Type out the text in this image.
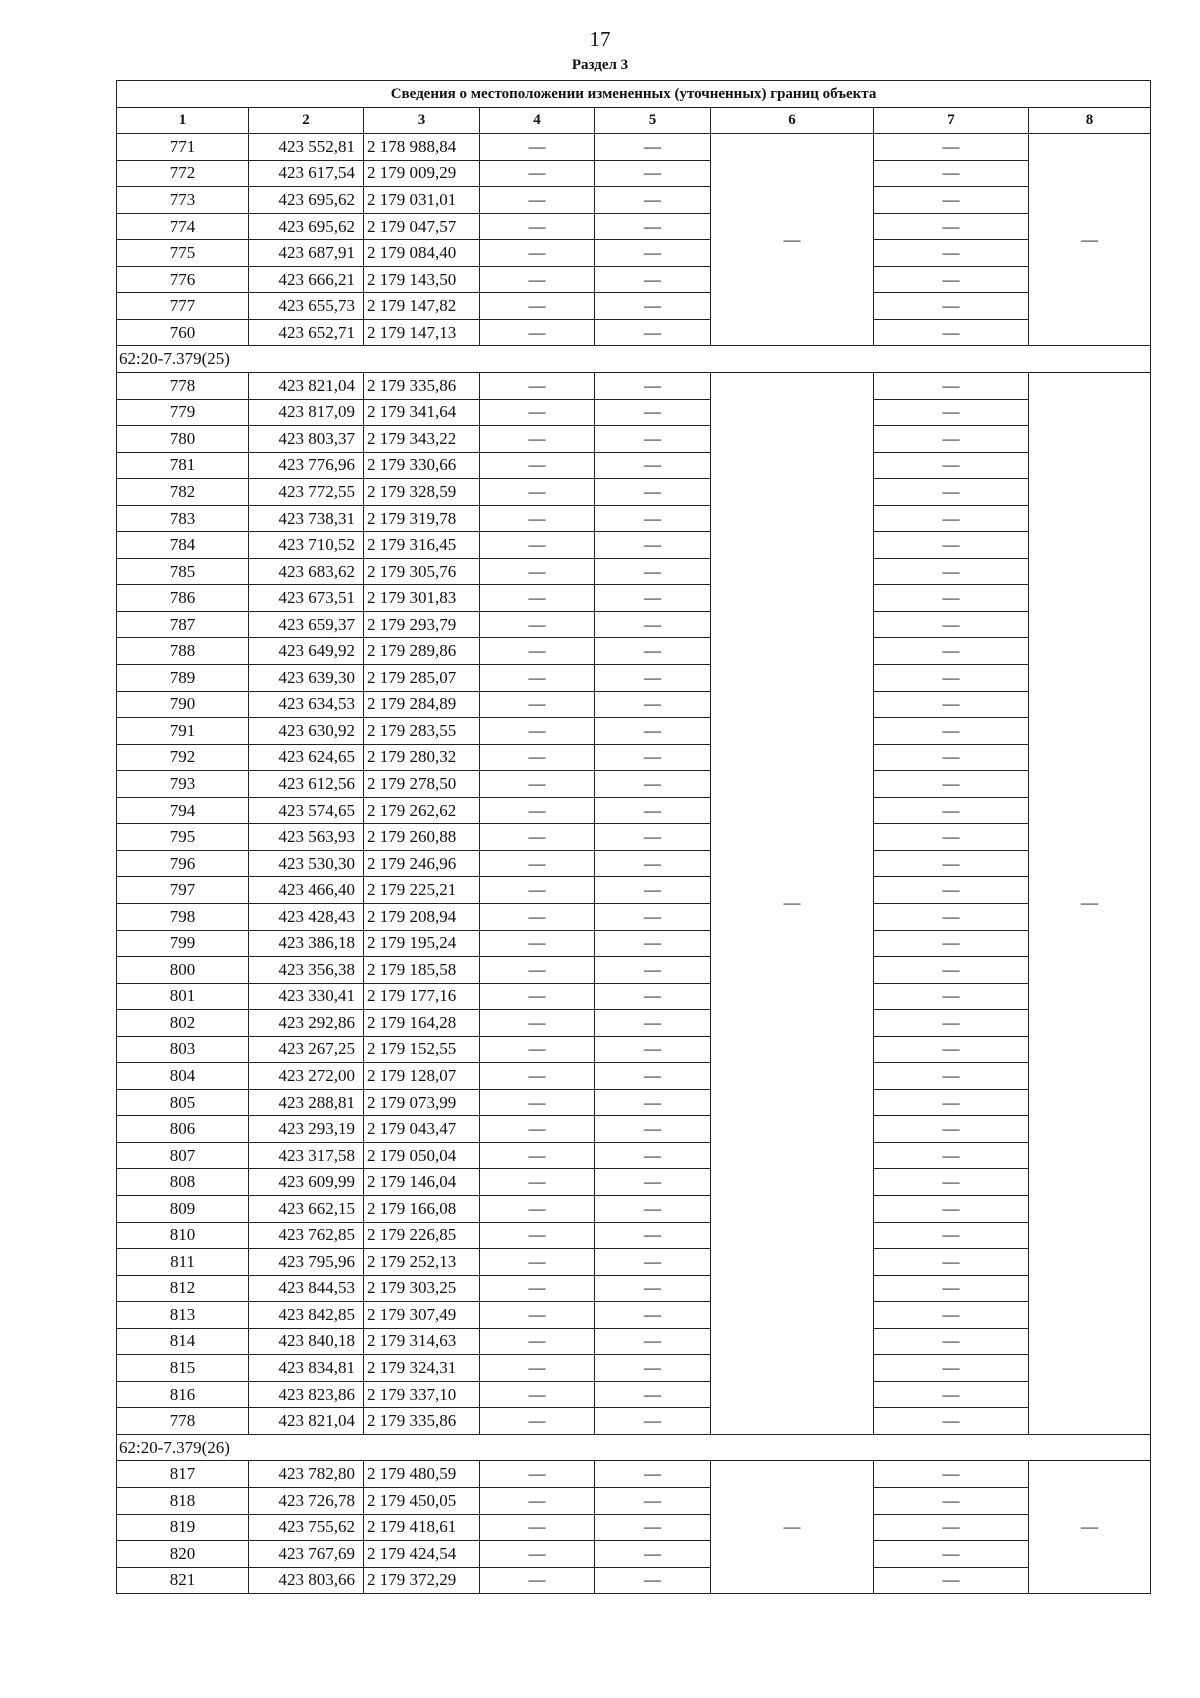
17
Раздел 3
Сведения о местоположении измененных (уточненных) границ объекта							
1	2	3	4	5	6	7	8
771	423 552,81	2 178 988,84	—	—	—	—	—
772	423 617,54	2 179 009,29	—	—		—	
773	423 695,62	2 179 031,01	—	—		—	
774	423 695,62	2 179 047,57	—	—		—	
775	423 687,91	2 179 084,40	—	—		—	
776	423 666,21	2 179 143,50	—	—		—	
777	423 655,73	2 179 147,82	—	—		—	
760	423 652,71	2 179 147,13	—	—		—	
62:20-7.379(25)							
778	423 821,04	2 179 335,86	—	—	—	—	—
779	423 817,09	2 179 341,64	—	—		—	
780	423 803,37	2 179 343,22	—	—		—	
781	423 776,96	2 179 330,66	—	—		—	
782	423 772,55	2 179 328,59	—	—		—	
783	423 738,31	2 179 319,78	—	—		—	
784	423 710,52	2 179 316,45	—	—		—	
785	423 683,62	2 179 305,76	—	—		—	
786	423 673,51	2 179 301,83	—	—		—	
787	423 659,37	2 179 293,79	—	—		—	
788	423 649,92	2 179 289,86	—	—		—	
789	423 639,30	2 179 285,07	—	—		—	
790	423 634,53	2 179 284,89	—	—		—	
791	423 630,92	2 179 283,55	—	—		—	
792	423 624,65	2 179 280,32	—	—		—	
793	423 612,56	2 179 278,50	—	—		—	
794	423 574,65	2 179 262,62	—	—		—	
795	423 563,93	2 179 260,88	—	—		—	
796	423 530,30	2 179 246,96	—	—		—	
797	423 466,40	2 179 225,21	—	—		—	
798	423 428,43	2 179 208,94	—	—		—	
799	423 386,18	2 179 195,24	—	—		—	
800	423 356,38	2 179 185,58	—	—		—	
801	423 330,41	2 179 177,16	—	—		—	
802	423 292,86	2 179 164,28	—	—		—	
803	423 267,25	2 179 152,55	—	—		—	
804	423 272,00	2 179 128,07	—	—		—	
805	423 288,81	2 179 073,99	—	—		—	
806	423 293,19	2 179 043,47	—	—		—	
807	423 317,58	2 179 050,04	—	—		—	
808	423 609,99	2 179 146,04	—	—		—	
809	423 662,15	2 179 166,08	—	—		—	
810	423 762,85	2 179 226,85	—	—		—	
811	423 795,96	2 179 252,13	—	—		—	
812	423 844,53	2 179 303,25	—	—		—	
813	423 842,85	2 179 307,49	—	—		—	
814	423 840,18	2 179 314,63	—	—		—	
815	423 834,81	2 179 324,31	—	—		—	
816	423 823,86	2 179 337,10	—	—		—	
778	423 821,04	2 179 335,86	—	—		—	
62:20-7.379(26)							
817	423 782,80	2 179 480,59	—	—	—	—	—
818	423 726,78	2 179 450,05	—	—		—	
819	423 755,62	2 179 418,61	—	—		—	
820	423 767,69	2 179 424,54	—	—		—	
821	423 803,66	2 179 372,29	—	—		—	
